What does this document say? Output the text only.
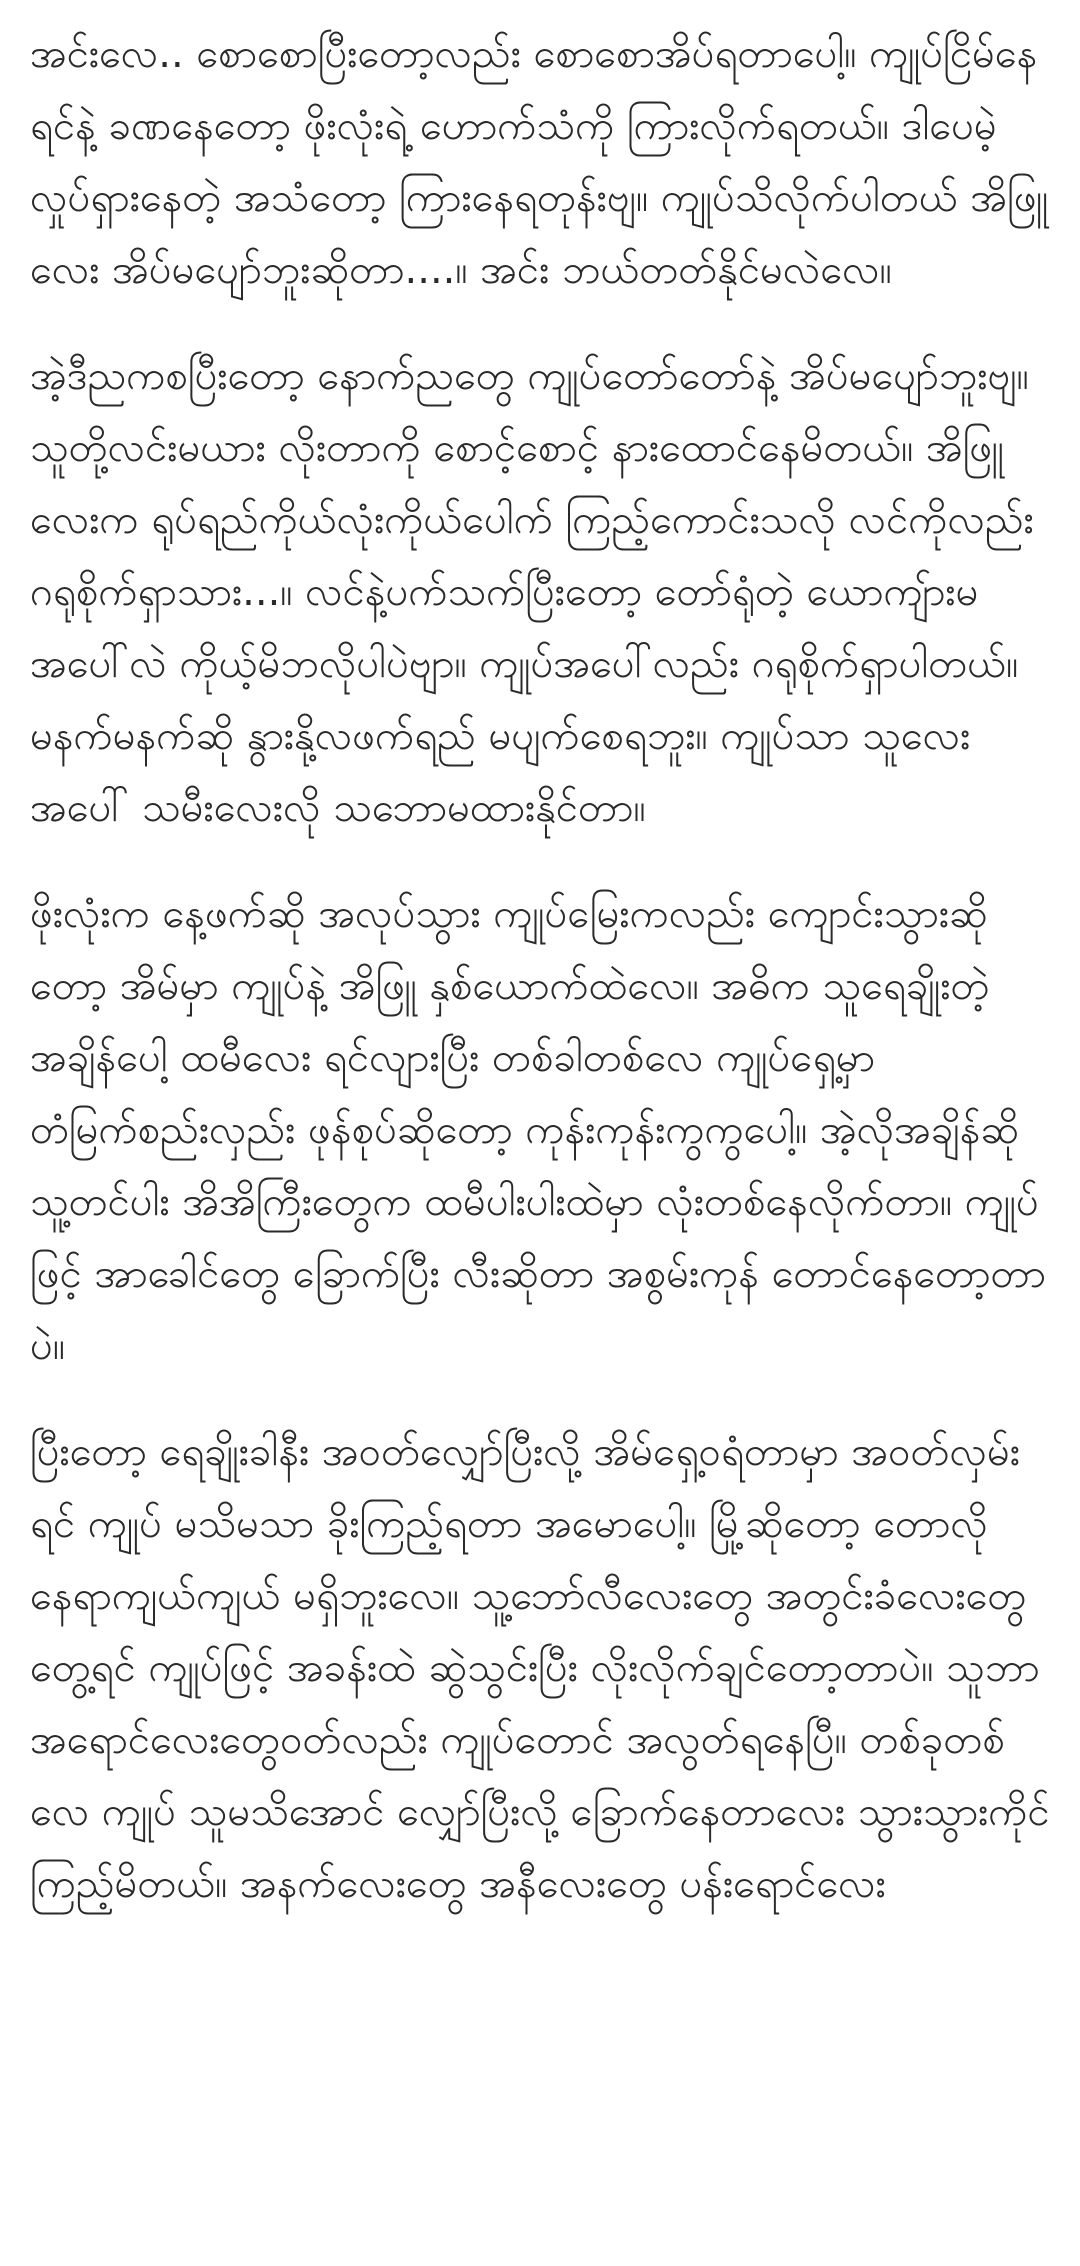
အင်းလေ.. စောစောပြီးတော့လည်း စောစောအိပ်ရတာပေါ့။ ကျုပ်ငြိမ်နေရင်နဲ့ ခဏနေတော့ ဖိုးလုံးရဲ့ ဟောက်သံကို ကြားလိုက်ရတယ်။ ဒါပေမဲ့ လှုပ်ရှားနေတဲ့ အသံတော့ ကြားနေရတုန်းဗျ။ ကျုပ်သိလိုက်ပါတယ် အိဖြူလေး အိပ်မပျော်ဘူးဆိုတာ....။ အင်း ဘယ်တတ်နိုင်မလဲလေ။

အဲ့ဒီညကစပြီးတော့ နောက်ညတွေ ကျုပ်တော်တော်နဲ့ အိပ်မပျော်ဘူးဗျ။ သူတို့လင်းမယား လိုးတာကို စောင့်စောင့် နားထောင်နေမိတယ်။ အိဖြူလေးက ရုပ်ရည်ကိုယ်လုံးကိုယ်ပေါက် ကြည့်ကောင်းသလို လင်ကိုလည်း ဂရုစိုက်ရှာသား...။ လင်နဲ့ပက်သက်ပြီးတော့ တော်ရုံတဲ့ ယောကျ်ားမအပေါ်လဲ ကိုယ့်မိဘလိုပါပဲဗျာ။ ကျုပ်အပေါ်လည်း ဂရုစိုက်ရှာပါတယ်။ မနက်မနက်ဆို နွားနို့လဖက်ရည် မပျက်စေရဘူး။ ကျုပ်သာ သူလေးအပေါ် သမီးလေးလို သဘောမထားနိုင်တာ။

ဖိုးလုံးက နေ့ဖက်ဆို အလုပ်သွား ကျုပ်မြေးကလည်း ကျောင်းသွားဆိုတော့ အိမ်မှာ ကျုပ်နဲ့ အိဖြူ နှစ်ယောက်ထဲလေ။ အဓိက သူရေချိုးတဲ့ အချိန်ပေါ့ ထမီလေး ရင်လျားပြီး တစ်ခါတစ်လေ ကျုပ်ရှေ့မှာ တံမြက်စည်းလှည်း ဖုန်စုပ်ဆိုတော့ ကုန်းကုန်းကွကွပေါ့။ အဲ့လိုအချိန်ဆို သူ့တင်ပါး အိအိကြီးတွေက ထမီပါးပါးထဲမှာ လုံးတစ်နေလိုက်တာ။ ကျုပ်ဖြင့် အာခေါင်တွေ ခြောက်ပြီး လီးဆိုတာ အစွမ်းကုန် တောင်နေတော့တာပဲ။

ပြီးတော့ ရေချိုးခါနီး အဝတ်လျှော်ပြီးလို့ အိမ်ရှေ့ဝရံတာမှာ အဝတ်လှမ်းရင် ကျုပ် မသိမသာ ခိုးကြည့်ရတာ အမောပေါ့။ မြို့ဆိုတော့ တောလို နေရာကျယ်ကျယ် မရှိဘူးလေ။ သူ့ဘော်လီလေးတွေ အတွင်းခံလေးတွေ တွေ့ရင် ကျုပ်ဖြင့် အခန်းထဲ ဆွဲသွင်းပြီး လိုးလိုက်ချင်တော့တာပဲ။ သူဘာအရောင်လေးတွေဝတ်လည်း ကျုပ်တောင် အလွတ်ရနေပြီ။ တစ်ခုတစ်လေ ကျုပ် သူမသိအောင် လျှော်ပြီးလို့ ခြောက်နေတာလေး သွားသွားကိုင်ကြည့်မိတယ်။ အနက်လေးတွေ အနီလေးတွေ ပန်းရောင်လေး
